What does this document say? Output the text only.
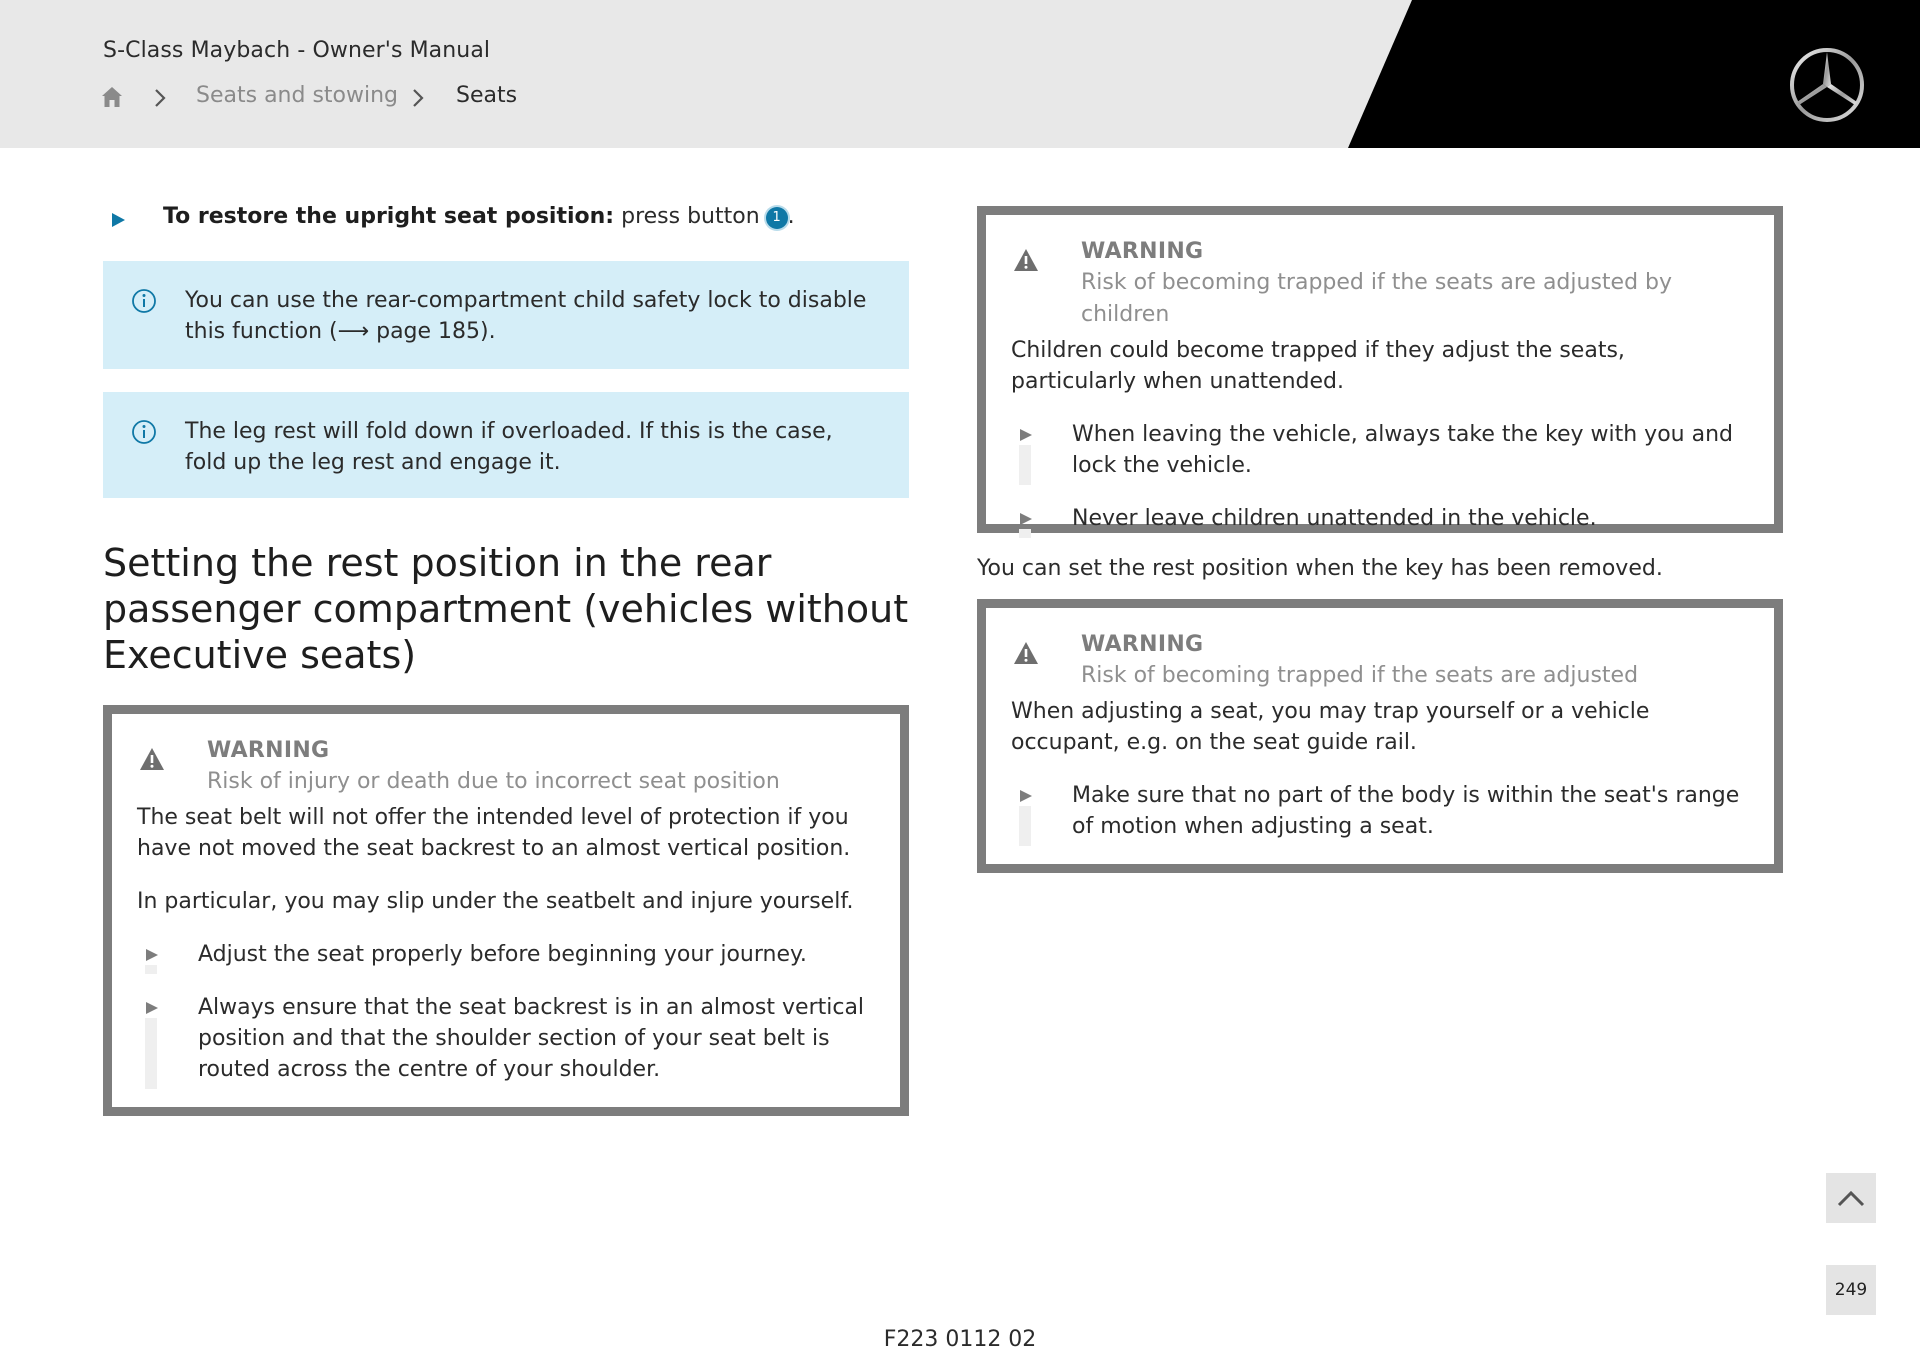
S-Class Maybach - Owner's Manual
Seats and stowing	Seats
To restore the upright seat position: press button 1 .
You can use the rear-compartment child safety lock to disable this function (⟶ page 185).
The leg rest will fold down if overloaded. If this is the case, fold up the leg rest and engage it.
Setting the rest position in the rear passenger compartment (vehicles without Executive seats)
WARNING
Risk of injury or death due to incorrect seat position

The seat belt will not offer the intended level of protection if you have not moved the seat backrest to an almost vertical position.

In particular, you may slip under the seatbelt and injure yourself.

Adjust the seat properly before beginning your journey.
Always ensure that the seat backrest is in an almost vertical position and that the shoulder section of your seat belt is routed across the centre of your shoulder.
WARNING
Risk of becoming trapped if the seats are adjusted by children

Children could become trapped if they adjust the seats, particularly when unattended.

When leaving the vehicle, always take the key with you and lock the vehicle.
Never leave children unattended in the vehicle.
You can set the rest position when the key has been removed.
WARNING
Risk of becoming trapped if the seats are adjusted

When adjusting a seat, you may trap yourself or a vehicle occupant, e.g. on the seat guide rail.

Make sure that no part of the body is within the seat's range of motion when adjusting a seat.
249
F223 0112 02
